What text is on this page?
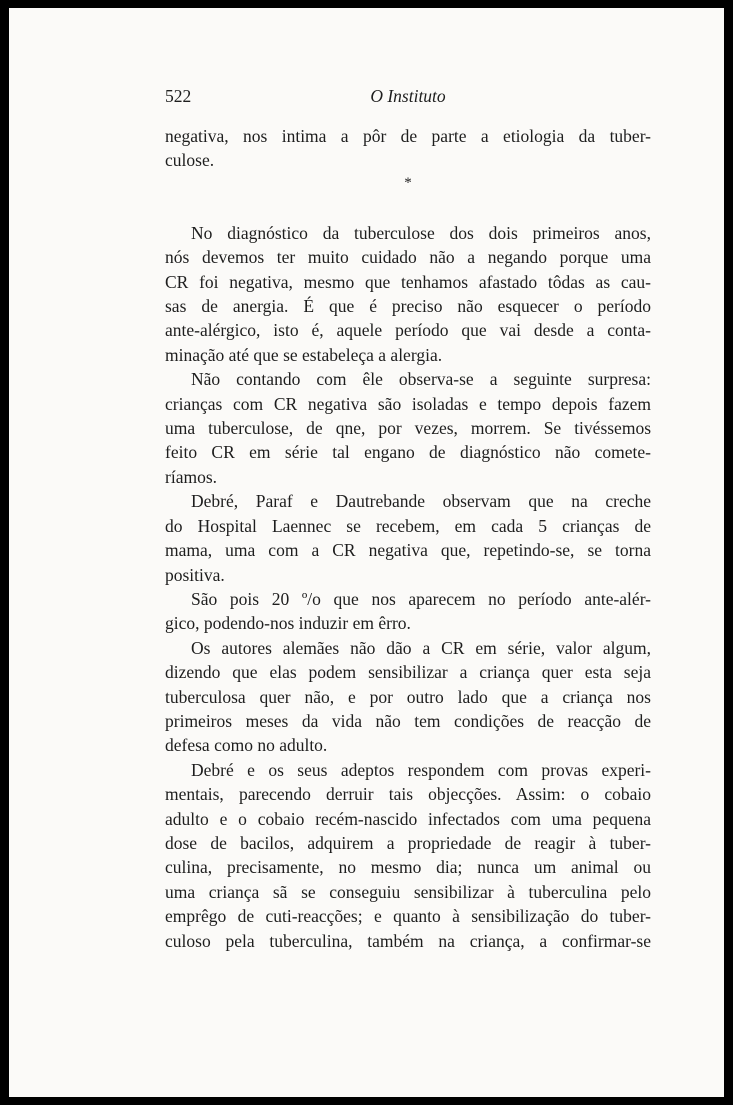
522	O Instituto

negativa, nos intima a pôr de parte a etiologia da tuber-

culose.

*

No diagnóstico da tuberculose dos dois primeiros anos,

nós devemos ter muito cuidado não a negando porque uma

CR foi negativa, mesmo que tenhamos afastado tôdas as cau-

sas de anergia. É que é preciso não esquecer o período

ante-alérgico, isto é, aquele período que vai desde a conta-

minação até que se estabeleça a alergia.

Não contando com êle observa-se a seguinte surpresa:

crianças com CR negativa são isoladas e tempo depois fazem

uma tuberculose, de qne, por vezes, morrem. Se tivéssemos

feito CR em série tal engano de diagnóstico não comete-

ríamos.

Debré, Paraf e Dautrebande observam que na creche

do Hospital Laennec se recebem, em cada 5 crianças de

mama, uma com a CR negativa que, repetindo-se, se torna

positiva.

São pois 20 º/o que nos aparecem no período ante-alér-

gico, podendo-nos induzir em êrro.

Os autores alemães não dão a CR em série, valor algum,

dizendo que elas podem sensibilizar a criança quer esta seja

tuberculosa quer não, e por outro lado que a criança nos

primeiros meses da vida não tem condições de reacção de

defesa como no adulto.

Debré e os seus adeptos respondem com provas experi-

mentais, parecendo derruir tais objecções. Assim: o cobaio

adulto e o cobaio recém-nascido infectados com uma pequena

dose de bacilos, adquirem a propriedade de reagir à tuber-

culina, precisamente, no mesmo dia; nunca um animal ou

uma criança sã se conseguiu sensibilizar à tuberculina pelo

emprêgo de cuti-reacções; e quanto à sensibilização do tuber-

culoso pela tuberculina, também na criança, a confirmar-se
